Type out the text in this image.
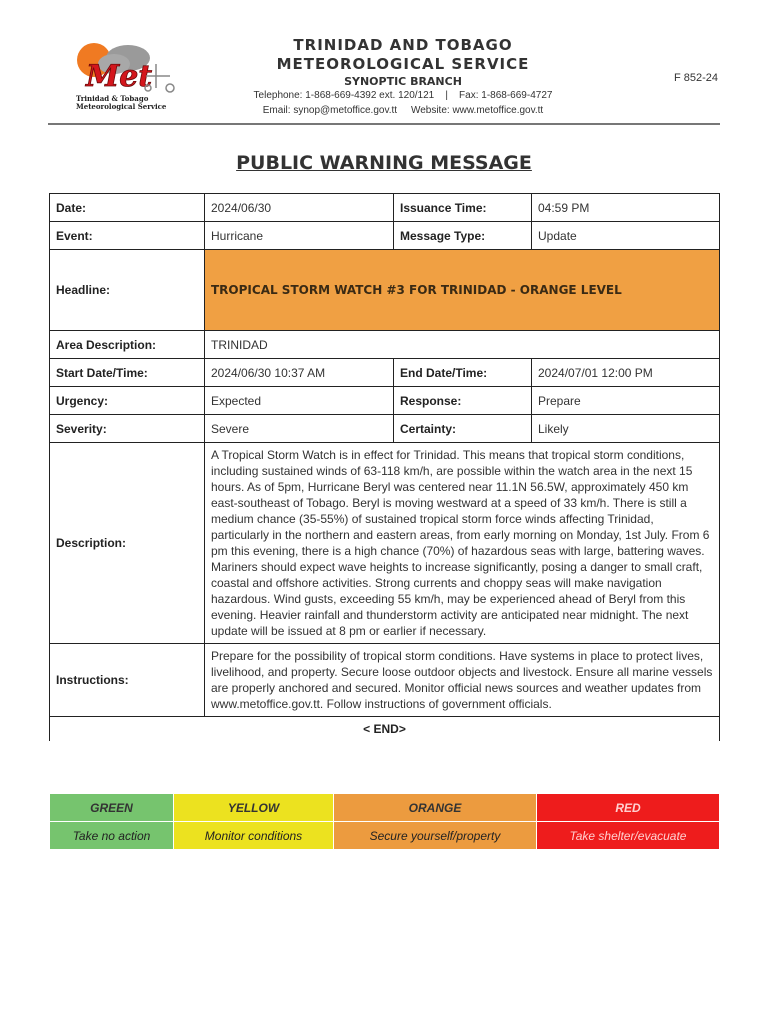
Met
Trinidad & Tobago
Meteorological Service
TRINIDAD AND TOBAGO
METEOROLOGICAL SERVICE
SYNOPTIC BRANCH
Telephone: 1-868-669-4392 ext. 120/121    |    Fax: 1-868-669-4727
Email: synop@metoffice.gov.tt     Website: www.metoffice.gov.tt
F 852-24
PUBLIC WARNING MESSAGE
Date:	2024/06/30	Issuance Time:	04:59 PM
Event:	Hurricane	Message Type:	Update
Headline:	TROPICAL STORM WATCH #3 FOR TRINIDAD - ORANGE LEVEL		
Area Description:	TRINIDAD		
Start Date/Time:	2024/06/30 10:37 AM	End Date/Time:	2024/07/01 12:00 PM
Urgency:	Expected	Response:	Prepare
Severity:	Severe	Certainty:	Likely
Description:	A Tropical Storm Watch is in effect for Trinidad. This means that tropical storm conditions, including sustained winds of 63-118 km/h, are possible within the watch area in the next 15 hours. As of 5pm, Hurricane Beryl was centered near 11.1N 56.5W, approximately 450 km east-southeast of Tobago. Beryl is moving westward at a speed of 33 km/h. There is still a medium chance (35-55%) of sustained tropical storm force winds affecting Trinidad, particularly in the northern and eastern areas, from early morning on Monday, 1st July. From 6 pm this evening, there is a high chance (70%) of hazardous seas with large, battering waves. Mariners should expect wave heights to increase significantly, posing a danger to small craft, coastal and offshore activities. Strong currents and choppy seas will make navigation hazardous. Wind gusts, exceeding 55 km/h, may be experienced ahead of Beryl from this evening. Heavier rainfall and thunderstorm activity are anticipated near midnight. The next update will be issued at 8 pm or earlier if necessary.		
Instructions:	Prepare for the possibility of tropical storm conditions. Have systems in place to protect lives, livelihood, and property. Secure loose outdoor objects and livestock. Ensure all marine vessels are properly anchored and secured. Monitor official news sources and weather updates from www.metoffice.gov.tt. Follow instructions of government officials.		
< END>			
GREEN	YELLOW	ORANGE	RED
Take no action	Monitor conditions	Secure yourself/property	Take shelter/evacuate
